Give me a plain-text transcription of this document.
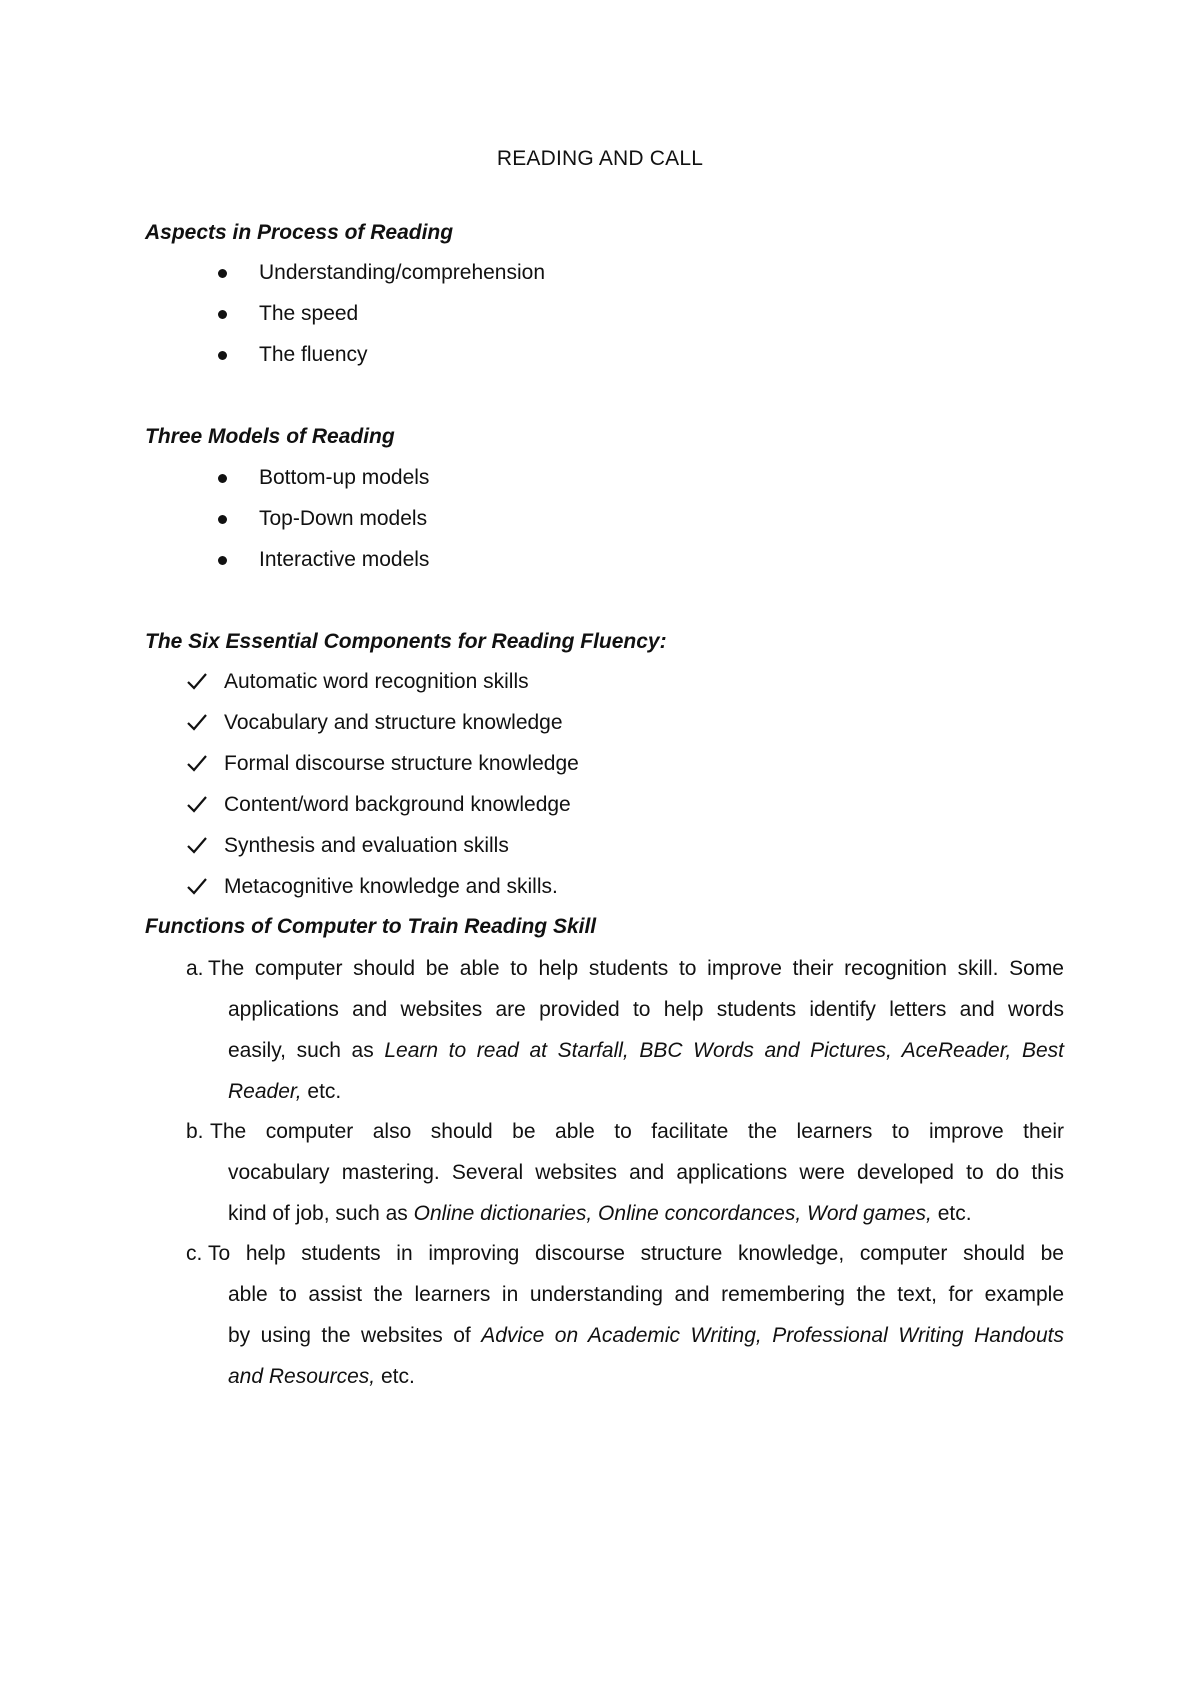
READING AND CALL
Aspects in Process of Reading
Understanding/comprehension
The speed
The fluency
Three Models of Reading
Bottom-up models
Top-Down models
Interactive models
The Six Essential Components for Reading Fluency:
Automatic word recognition skills
Vocabulary and structure knowledge
Formal discourse structure knowledge
Content/word background knowledge
Synthesis and evaluation skills
Metacognitive knowledge and skills.
Functions of Computer to Train Reading Skill
a. The computer should be able to help students to improve their recognition skill. Some
applications and websites are provided to help students identify letters and words
easily, such as Learn to read at Starfall, BBC Words and Pictures, AceReader, Best
Reader, etc.
b. The computer also should be able to facilitate the learners to improve their
vocabulary mastering. Several websites and applications were developed to do this
kind of job, such as Online dictionaries, Online concordances, Word games, etc.
c. To help students in improving discourse structure knowledge, computer should be
able to assist the learners in understanding and remembering the text, for example
by using the websites of Advice on Academic Writing, Professional Writing Handouts
and Resources, etc.
